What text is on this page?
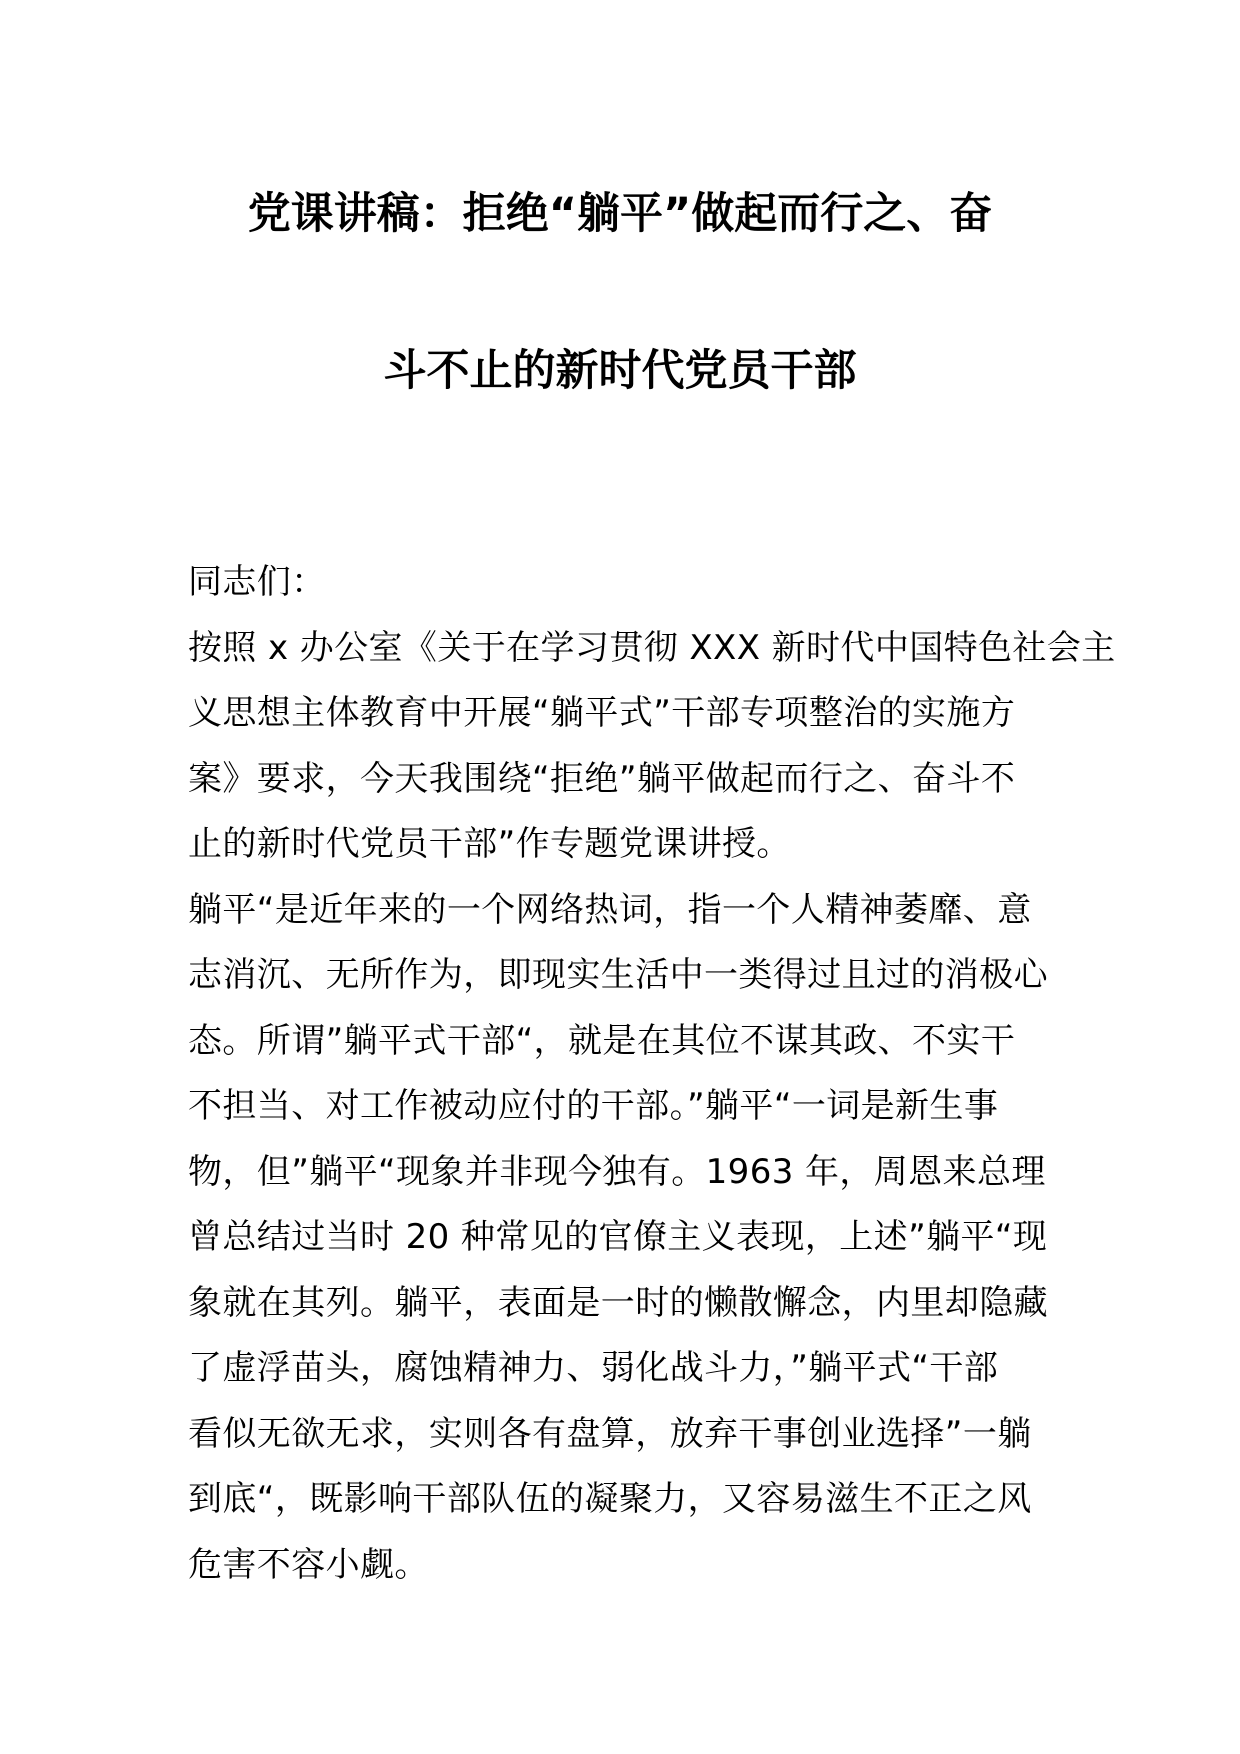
党课讲稿：拒绝“躺平”做起而行之、奋
斗不止的新时代党员干部

同志们：

按照 x 办公室《关于在学习贯彻 XXX 新时代中国特色社会主

义思想主体教育中开展“躺平式”干部专项整治的实施方

案》要求，今天我围绕“拒绝”躺平做起而行之、奋斗不

止的新时代党员干部”作专题党课讲授。

躺平“是近年来的一个网络热词，指一个人精神萎靡、意

志消沉、无所作为，即现实生活中一类得过且过的消极心

态。所谓”躺平式干部“，就是在其位不谋其政、不实干

不担当、对工作被动应付的干部。”躺平“一词是新生事

物，但”躺平“现象并非现今独有。1963 年，周恩来总理

曾总结过当时 20 种常见的官僚主义表现，上述”躺平“现

象就在其列。躺平，表面是一时的懒散懈念，内里却隐藏

了虚浮苗头，腐蚀精神力、弱化战斗力，”躺平式“干部

看似无欲无求，实则各有盘算，放弃干事创业选择”一躺

到底“，既影响干部队伍的凝聚力，又容易滋生不正之风

危害不容小觑。
